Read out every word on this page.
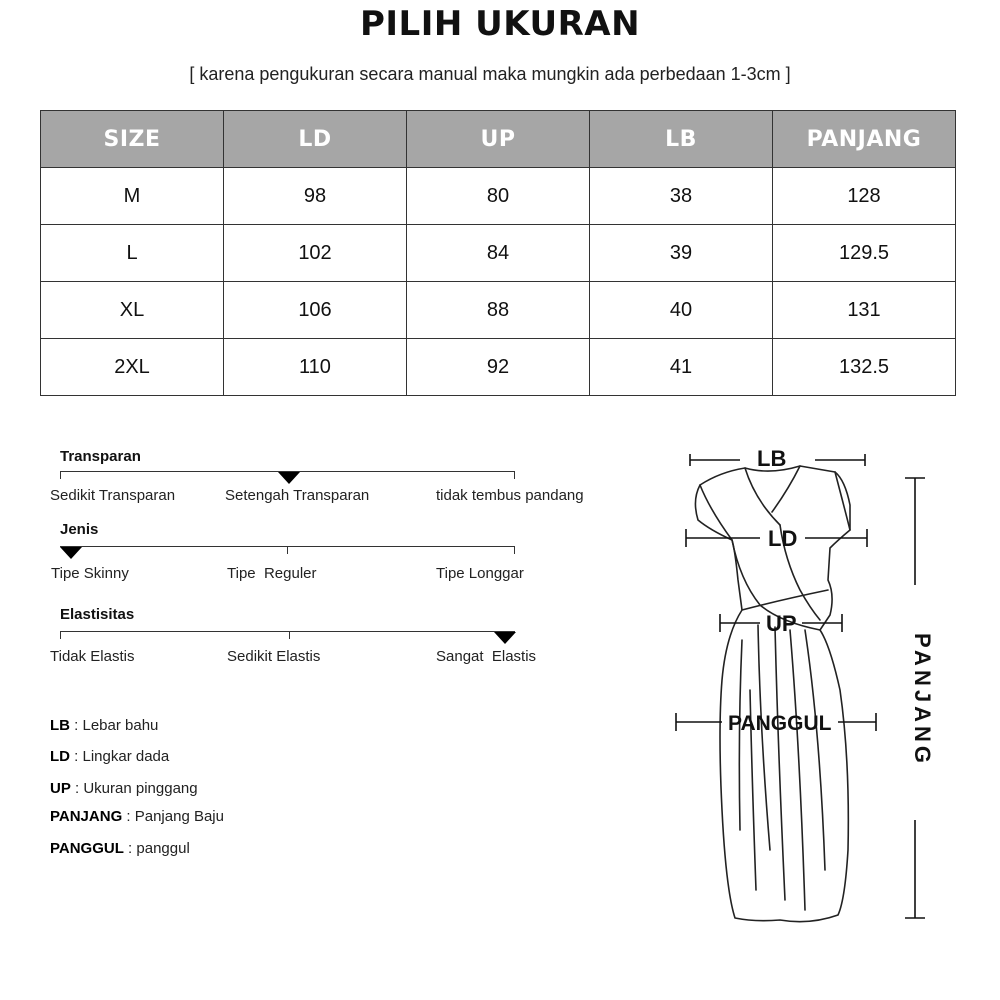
PILIH UKURAN
[ karena pengukuran secara manual maka mungkin ada perbedaan 1-3cm ]
SIZE	LD	UP	LB	PANJANG
M	98	80	38	128
L	102	84	39	129.5
XL	106	88	40	131
2XL	110	92	41	132.5
Transparan
Sedikit Transparan	Setengah Transparan	tidak tembus pandang
Jenis
Tipe Skinny	Tipe  Reguler	Tipe Longgar
Elastisitas
Tidak Elastis	Sedikit Elastis	Sangat  Elastis
LB : Lebar bahu
LD : Lingkar dada
UP : Ukuran pinggang
PANJANG : Panjang Baju
PANGGUL : panggul
LB
LD
UP
PANGGUL	PANJANG
